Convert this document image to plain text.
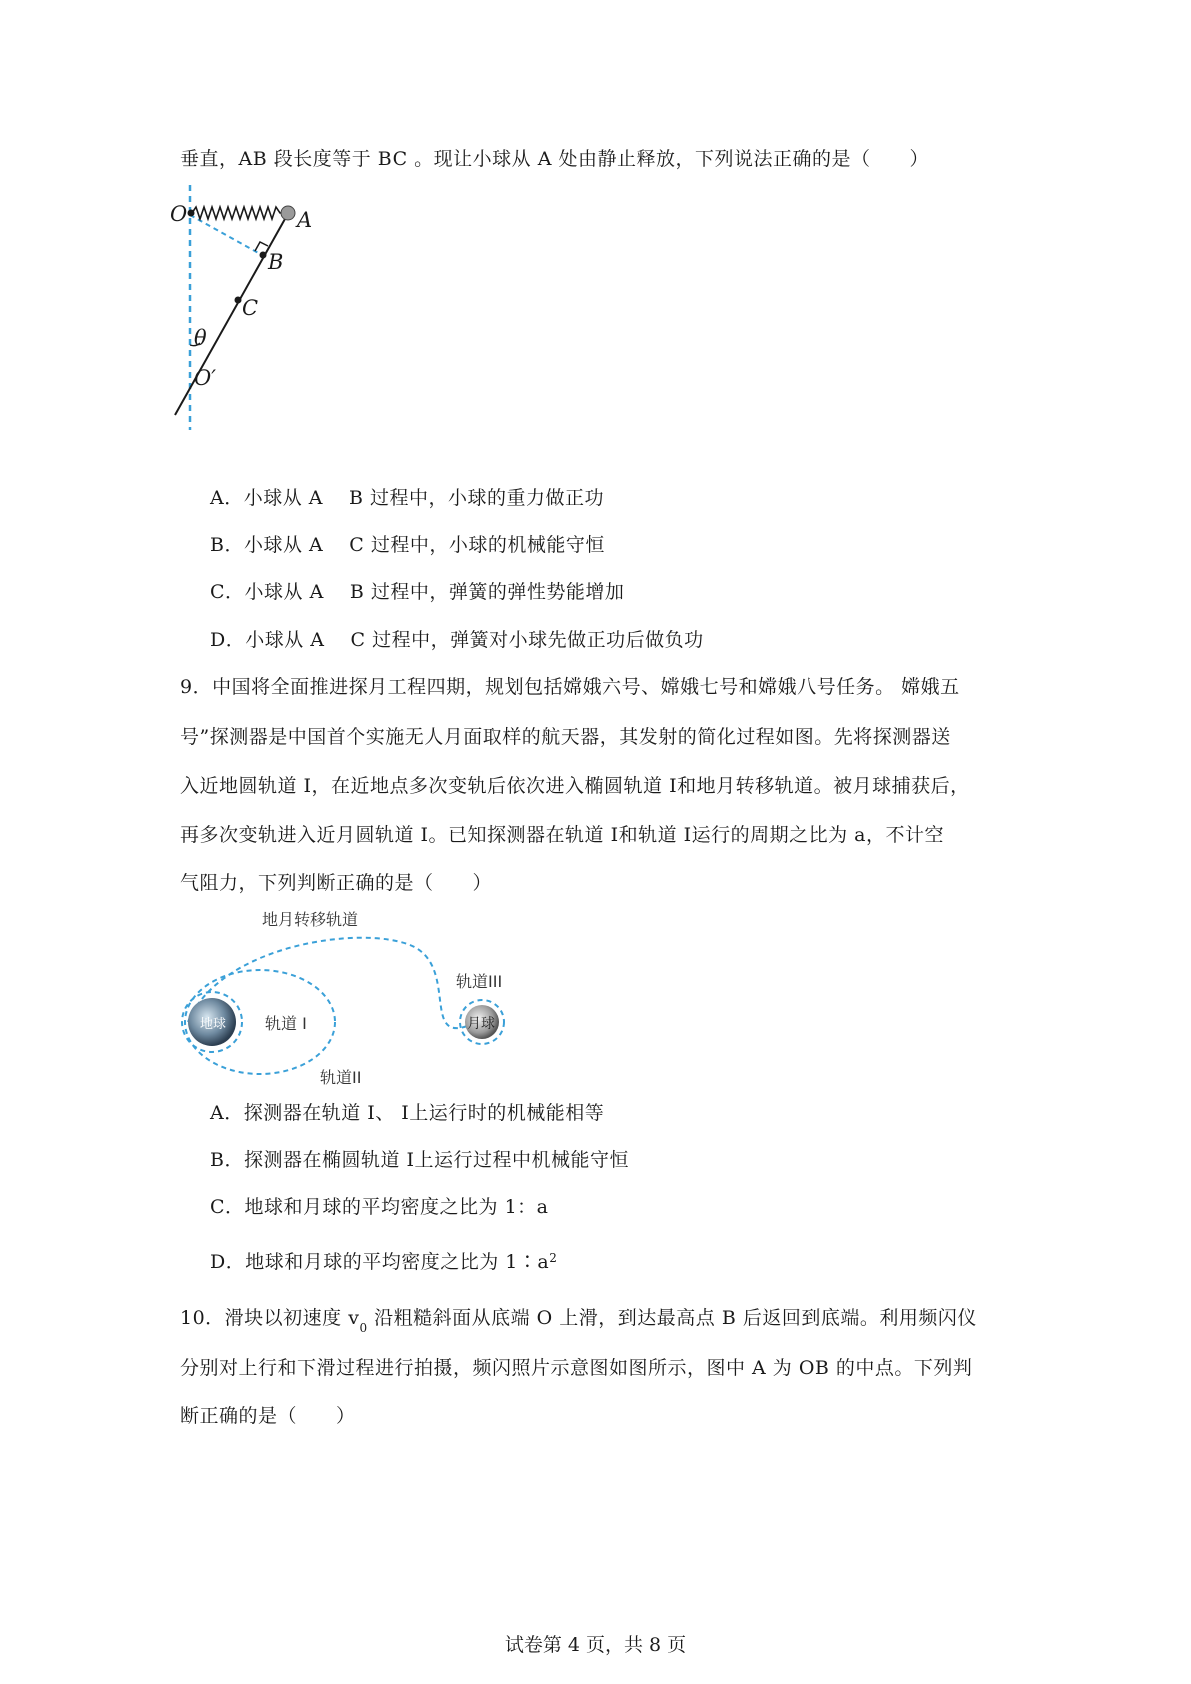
垂直，AB 段长度等于 BC 。现让小球从 A 处由静止释放，下列说法正确的是（　　）
O	A
B
C
θ
O′
A．小球从 A　 B 过程中，小球的重力做正功
B．小球从 A　 C 过程中，小球的机械能守恒
C．小球从 A　 B 过程中，弹簧的弹性势能增加
D．小球从 A　 C 过程中，弹簧对小球先做正功后做负功
9．中国将全面推进探月工程四期，规划包括嫦娥六号、嫦娥七号和嫦娥八号任务。 嫦娥五
号”探测器是中国首个实施无人月面取样的航天器，其发射的简化过程如图。先将探测器送
入近地圆轨道 I，在近地点多次变轨后依次进入椭圆轨道 I和地月转移轨道。被月球捕获后，
再多次变轨进入近月圆轨道 I。已知探测器在轨道 I和轨道 I运行的周期之比为 a，不计空
气阻力，下列判断正确的是（　　）
地球	月球
地月转移轨道
轨道III
轨道 I
轨道II
A．探测器在轨道 I、 I上运行时的机械能相等
B．探测器在椭圆轨道 I上运行过程中机械能守恒
C．地球和月球的平均密度之比为 1：a
D．地球和月球的平均密度之比为 $1∶a^2$
10．滑块以初速度 $v_0$ 沿粗糙斜面从底端 O 上滑，到达最高点 B 后返回到底端。利用频闪仪
分别对上行和下滑过程进行拍摄，频闪照片示意图如图所示，图中 A 为 OB 的中点。下列判
断正确的是（　　）
试卷第 4 页，共 8 页
